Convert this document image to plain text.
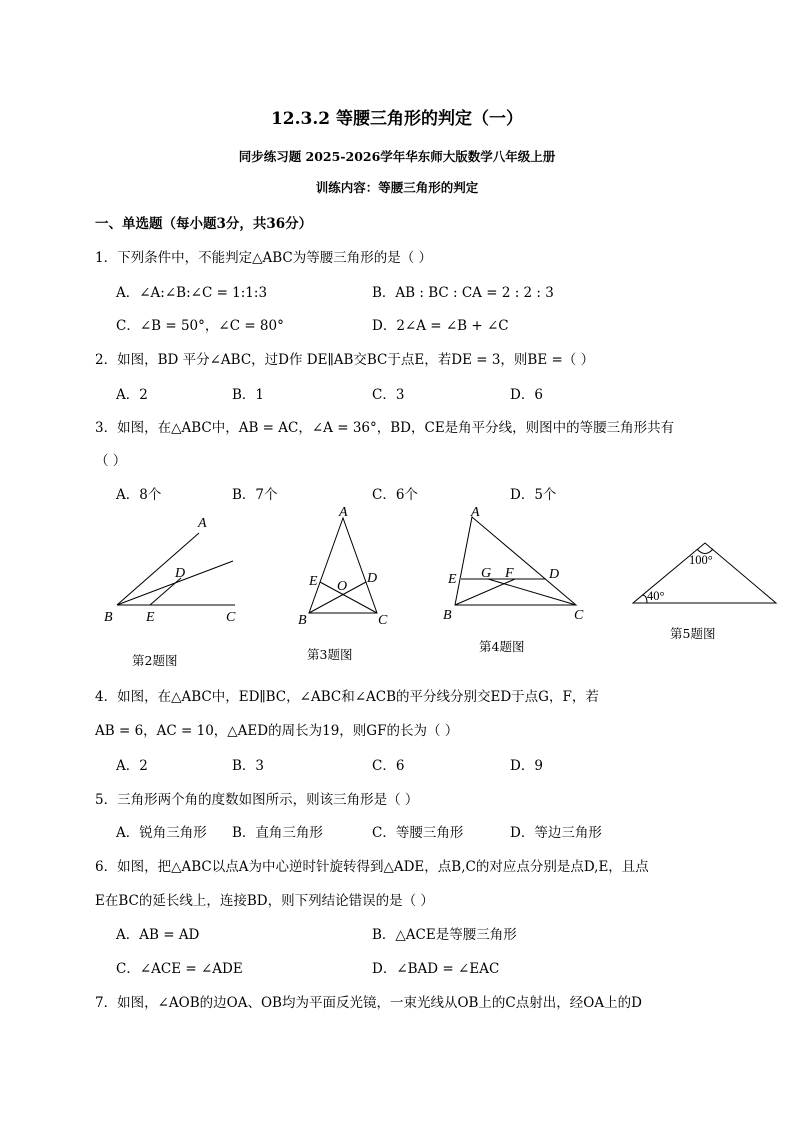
12.3.2 等腰三角形的判定（一）
同步练习题 2025-2026学年华东师大版数学八年级上册
训练内容：等腰三角形的判定
一、单选题（每小题3分，共36分）
1．下列条件中，不能判定△ABC为等腰三角形的是（ ）
A．∠A:∠B:∠C = 1:1:3	B．AB : BC : CA = 2 : 2 : 3
C．∠B = 50°，∠C = 80°	D．2∠A = ∠B + ∠C
2．如图，BD 平分∠ABC，过D作 DE∥AB交BC于点E，若DE = 3，则BE =（ ）
A．2	B．1	C．3	D．6
3．如图，在△ABC中，AB = AC，∠A = 36°，BD，CE是角平分线，则图中的等腰三角形共有
（ ）
A．8个	B．7个	C．6个	D．5个
A
B	C
D
E
A
B	C
D
E O
A
B	C
D
E	F
G
100°
40°
第2题图	第3题图
第4题图
第5题图
4．如图，在△ABC中，ED∥BC，∠ABC和∠ACB的平分线分别交ED于点G，F，若
AB = 6，AC = 10，△AED的周长为19，则GF的长为（ ）
A．2	B．3	C．6	D．9
5．三角形两个角的度数如图所示，则该三角形是（ ）
A．锐角三角形 B．直角三角形	C．等腰三角形	D．等边三角形
6．如图，把△ABC以点A为中心逆时针旋转得到△ADE，点B,C的对应点分别是点D,E，且点
E在BC的延长线上，连接BD，则下列结论错误的是（ ）
A．AB = AD	B．△ACE是等腰三角形
C．∠ACE = ∠ADE	D．∠BAD = ∠EAC
7．如图，∠AOB的边OA、OB均为平面反光镜，一束光线从OB上的C点射出，经OA上的D
